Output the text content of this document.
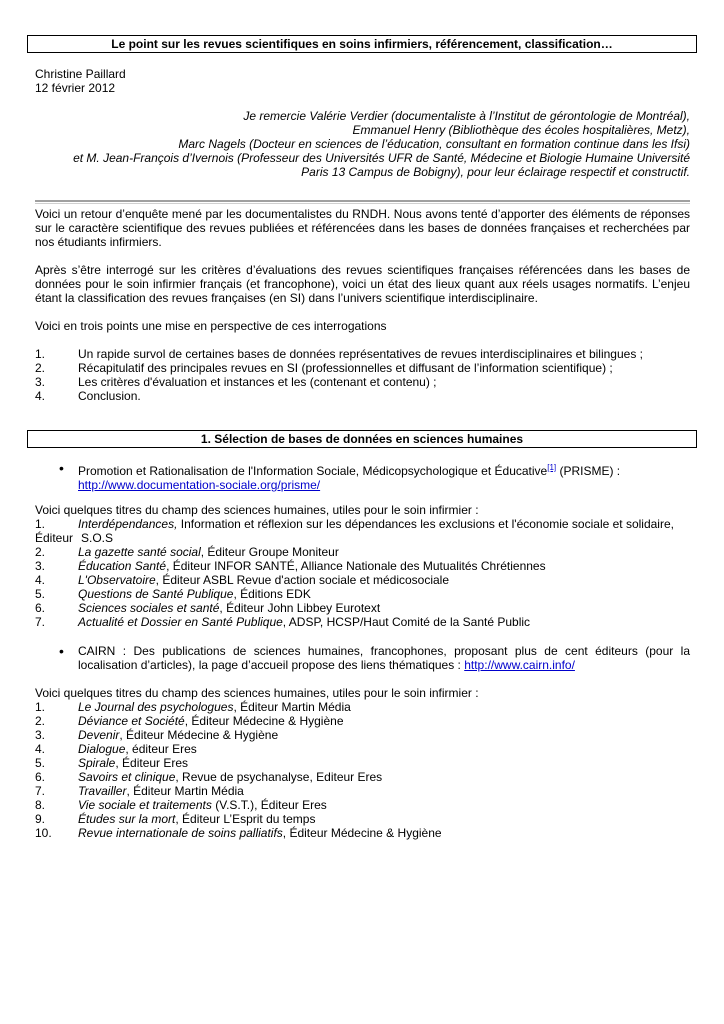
Le point sur les revues scientifiques en soins infirmiers, référencement, classification…
Christine Paillard
12 février 2012
Je remercie Valérie Verdier (documentaliste à l’Institut de gérontologie de Montréal),
Emmanuel Henry (Bibliothèque des écoles hospitalières, Metz),
Marc Nagels (Docteur en sciences de l’éducation, consultant en formation continue dans les Ifsi)
et M. Jean-François d’Ivernois (Professeur des Universités UFR de Santé, Médecine et Biologie Humaine Université
Paris 13 Campus de Bobigny), pour leur éclairage respectif et constructif.
Voici un retour d’enquête mené par les documentalistes du RNDH. Nous avons tenté d’apporter des éléments de réponses sur le caractère scientifique des revues publiées et référencées dans les bases de données françaises et recherchées par nos étudiants infirmiers.
Après s’être interrogé sur les critères d’évaluations des revues scientifiques françaises référencées dans les bases de données pour le soin infirmier français (et francophone), voici un état des lieux quant aux réels usages normatifs. L’enjeu étant la classification des revues françaises (en SI) dans l’univers scientifique interdisciplinaire.
Voici en trois points une mise en perspective de ces interrogations
1.	Un rapide survol de certaines bases de données représentatives de revues interdisciplinaires et bilingues ;
2.	Récapitulatif des principales revues en SI (professionnelles et diffusant de l’information scientifique) ;
3.	Les critères d'évaluation et instances et les (contenant et contenu) ;
4.	Conclusion.
1. Sélection de bases de données en sciences humaines
•	Promotion et Rationalisation de l'Information Sociale, Médicopsychologique et Éducative[1] (PRISME) :
http://www.documentation-sociale.org/prisme/
Voici quelques titres du champ des sciences humaines, utiles pour le soin infirmier :
1.	Interdépendances, Information et réflexion sur les dépendances les exclusions et l'économie sociale et solidaire,
Éditeur S.O.S
2.	La gazette santé social, Éditeur Groupe Moniteur
3.	Éducation Santé, Éditeur INFOR SANTÉ, Alliance Nationale des Mutualités Chrétiennes
4.	L'Observatoire, Éditeur ASBL Revue d'action sociale et médicosociale
5.	Questions de Santé Publique, Éditions EDK
6.	Sciences sociales et santé, Éditeur John Libbey Eurotext
7.	Actualité et Dossier en Santé Publique, ADSP, HCSP/Haut Comité de la Santé Public
•	CAIRN : Des publications de sciences humaines, francophones, proposant plus de cent éditeurs (pour la localisation d’articles), la page d’accueil propose des liens thématiques : http://www.cairn.info/
Voici quelques titres du champ des sciences humaines, utiles pour le soin infirmier :
1.	Le Journal des psychologues, Éditeur Martin Média
2.	Déviance et Société, Éditeur Médecine & Hygiène
3.	Devenir, Éditeur Médecine & Hygiène
4.	Dialogue, éditeur Eres
5.	Spirale, Éditeur Eres
6.	Savoirs et clinique, Revue de psychanalyse, Editeur Eres
7.	Travailler, Éditeur Martin Média
8.	Vie sociale et traitements (V.S.T.), Éditeur Eres
9.	Études sur la mort, Éditeur L’Esprit du temps
10.	Revue internationale de soins palliatifs, Éditeur Médecine & Hygiène
